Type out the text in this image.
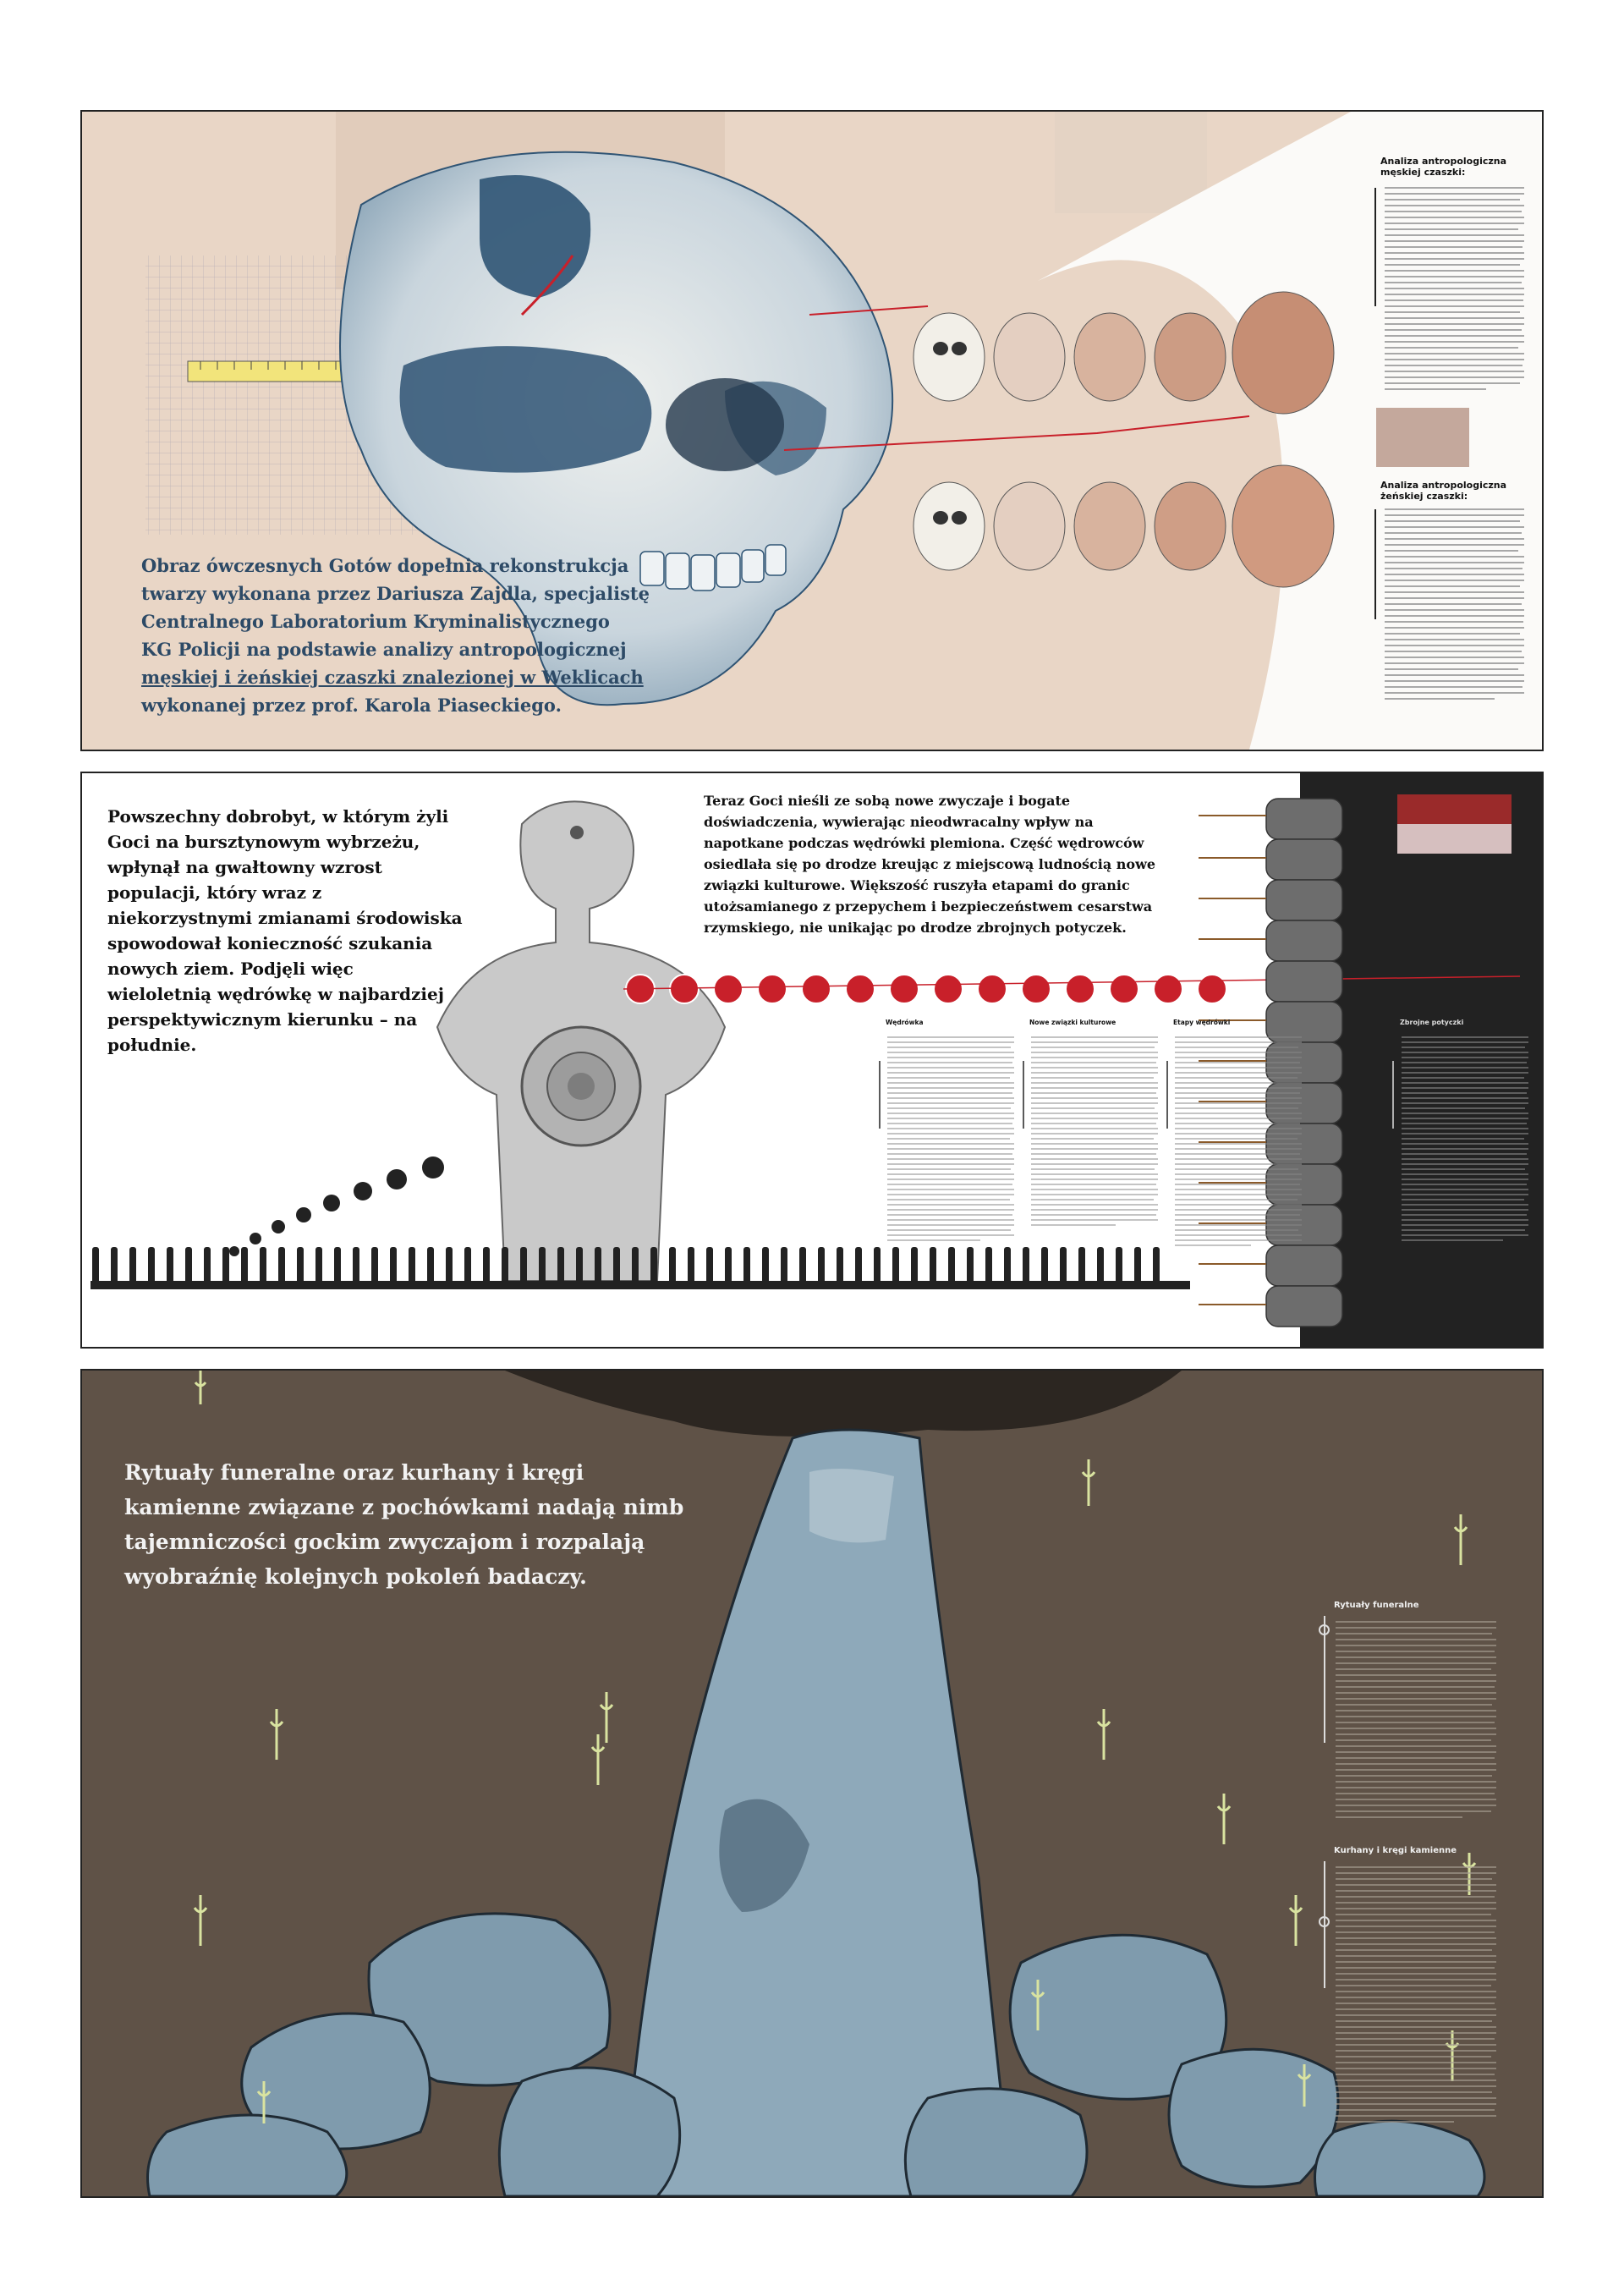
Obraz ówczesnych Gotów dopełnia rekonstrukcja
twarzy wykonana przez Dariusza Zajdla, specjalistę
Centralnego Laboratorium Kryminalistycznego
KG Policji na podstawie analizy antropologicznej
męskiej i żeńskiej czaszki znalezionej w Weklicach
wykonanej przez prof. Karola Piaseckiego.
Analiza antropologiczna
męskiej czaszki:
Analiza antropologiczna
żeńskiej czaszki:
Powszechny dobrobyt, w którym żyli Goci na bursztynowym wybrzeżu, wpłynął na gwałtowny wzrost populacji, który wraz z niekorzystnymi zmianami środowiska spowodował konieczność szukania nowych ziem. Podjęli więc wieloletnią wędrówkę w najbardziej perspektywicznym kierunku – na południe.
Teraz Goci nieśli ze sobą nowe zwyczaje i bogate doświadczenia, wywierając nieodwracalny wpływ na napotkane podczas wędrówki plemiona. Część wędrowców osiedlała się po drodze kreując z miejscową ludnością nowe związki kulturowe. Większość ruszyła etapami do granic utożsamianego z przepychem i bezpieczeństwem cesarstwa rzymskiego, nie unikając po drodze zbrojnych potyczek.
Wędrówka	Nowe związki kulturowe	Etapy wędrówki	Zbrojne potyczki
Rytuały funeralne oraz kurhany i kręgi kamienne związane z pochówkami nadają nimb tajemniczości gockim zwyczajom i rozpalają wyobraźnię kolejnych pokoleń badaczy.
Rytuały funeralne
Kurhany i kręgi kamienne
